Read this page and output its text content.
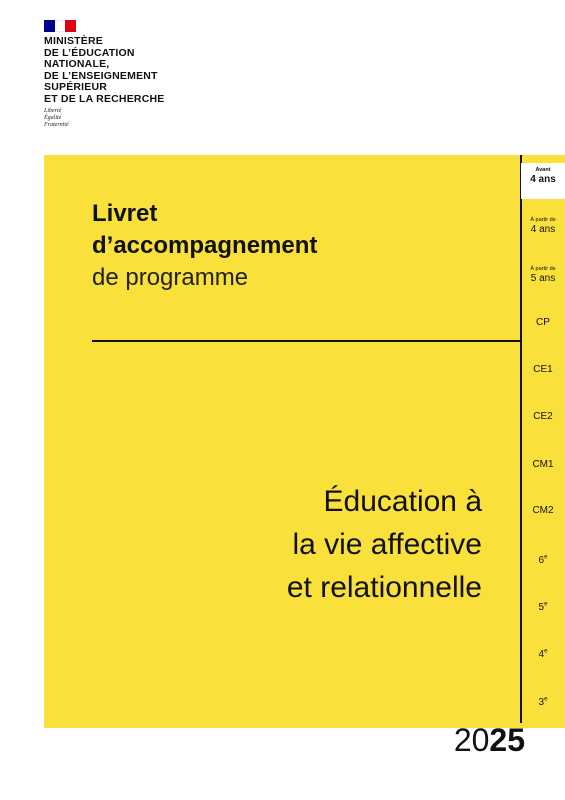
MINISTÈRE
DE L’ÉDUCATION
NATIONALE,
DE L’ENSEIGNEMENT
SUPÉRIEUR
ET DE LA RECHERCHE
Liberté
Égalité
Fraternité
Livret
d’accompagnement
de programme
Éducation à
la vie affective
et relationnelle
Avant
4 ans
À partir de
4 ans
À partir de
5 ans
CP
CE1
CE2
CM1
CM2
6e
5e
4e
3e
2025
